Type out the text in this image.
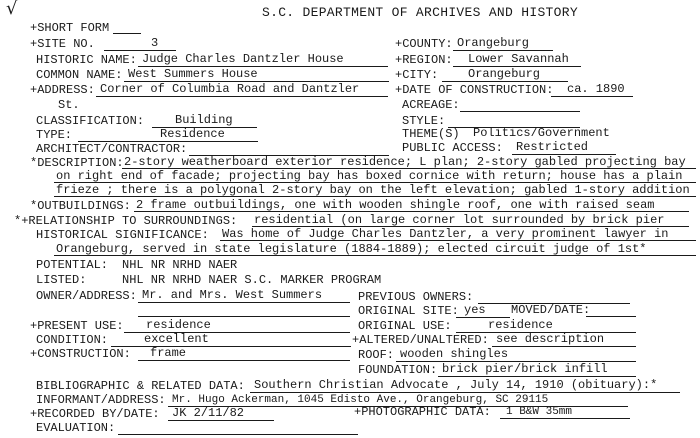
√	S.C. DEPARTMENT OF ARCHIVES AND HISTORY
+SHORT FORM
+SITE NO.	3	+COUNTY: Orangeburg
HISTORIC NAME: Judge Charles Dantzler House	+REGION: Lower Savannah
COMMON NAME: West Summers House	+CITY: Orangeburg
+ADDRESS: Corner of Columbia Road and Dantzler	+DATE OF CONSTRUCTION: ca. 1890
St.	ACREAGE:
CLASSIFICATION:	Building	STYLE:
TYPE:	Residence	THEME(S) Politics/Government
ARCHITECT/CONTRACTOR:	PUBLIC ACCESS: Restricted
*DESCRIPTION: 2-story weatherboard exterior residence; L plan; 2-story gabled projecting bay
on right end of facade; projecting bay has boxed cornice with return; house has a plain
frieze ; there is a polygonal 2-story bay on the left elevation; gabled 1-story addition
*OUTBUILDINGS: 2 frame outbuildings, one with wooden shingle roof, one with raised seam
*+RELATIONSHIP TO SURROUNDINGS: residential (on large corner lot surrounded by brick pier
HISTORICAL SIGNIFICANCE: Was home of Judge Charles Dantzler, a very prominent lawyer in
Orangeburg, served in state legislature (1884-1889); elected circuit judge of 1st*
POTENTIAL: NHL NR NRHD NAER
LISTED:	NHL NR NRHD NAER S.C. MARKER PROGRAM
OWNER/ADDRESS: Mr. and Mrs. West Summers	PREVIOUS OWNERS:
ORIGINAL SITE: yes MOVED/DATE:
+PRESENT USE: residence	ORIGINAL USE:	residence
CONDITION:	excellent	+ALTERED/UNALTERED: see description
+CONSTRUCTION: frame	ROOF: wooden shingles
FOUNDATION: brick pier/brick infill
BIBLIOGRAPHIC & RELATED DATA: Southern Christian Advocate , July 14, 1910 (obituary):*
INFORMANT/ADDRESS: Mr. Hugo Ackerman, 1045 Edisto Ave., Orangeburg, SC 29115
+RECORDED BY/DATE: JK 2/11/82	+PHOTOGRAPHIC DATA: 1 B&W 35mm
EVALUATION:
